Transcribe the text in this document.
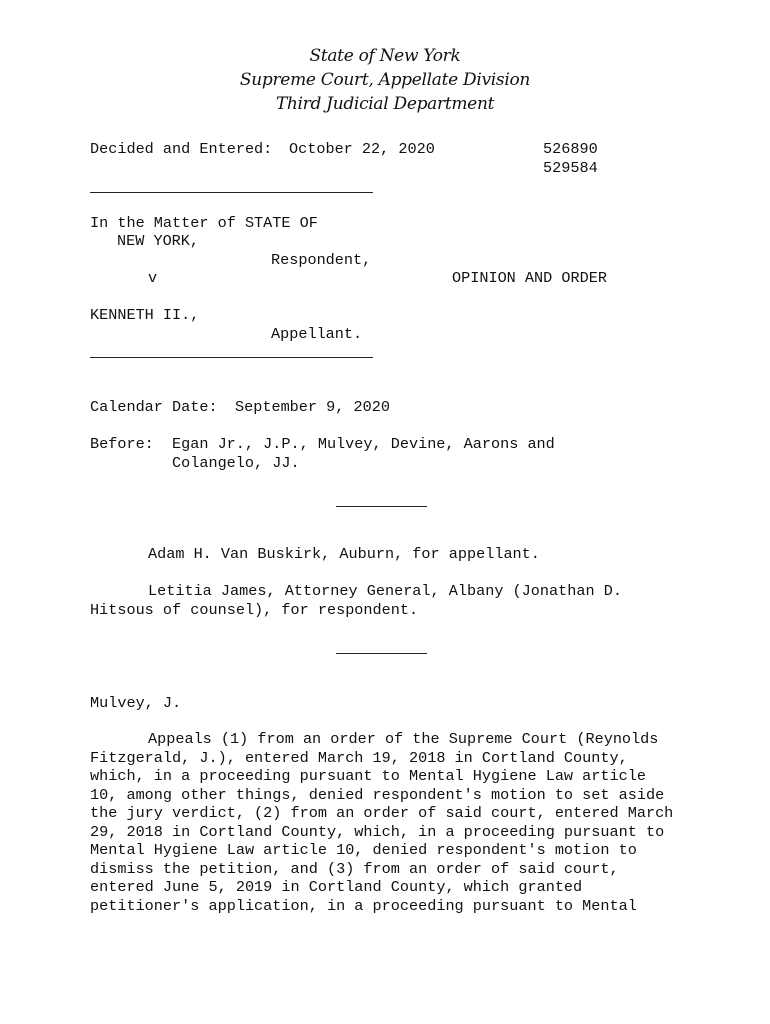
State of New York
Supreme Court, Appellate Division
Third Judicial Department
Decided and Entered: October 22, 2020	526890
529584
In the Matter of STATE OF
NEW YORK,
Respondent,
v	OPINION AND ORDER
KENNETH II.,
Appellant.
Calendar Date: September 9, 2020
Before: Egan Jr., J.P., Mulvey, Devine, Aarons and
Colangelo, JJ.
Adam H. Van Buskirk, Auburn, for appellant.
Letitia James, Attorney General, Albany (Jonathan D.
Hitsous of counsel), for respondent.
Mulvey, J.
Appeals (1) from an order of the Supreme Court (Reynolds
Fitzgerald, J.), entered March 19, 2018 in Cortland County,
which, in a proceeding pursuant to Mental Hygiene Law article
10, among other things, denied respondent's motion to set aside
the jury verdict, (2) from an order of said court, entered March
29, 2018 in Cortland County, which, in a proceeding pursuant to
Mental Hygiene Law article 10, denied respondent's motion to
dismiss the petition, and (3) from an order of said court,
entered June 5, 2019 in Cortland County, which granted
petitioner's application, in a proceeding pursuant to Mental
